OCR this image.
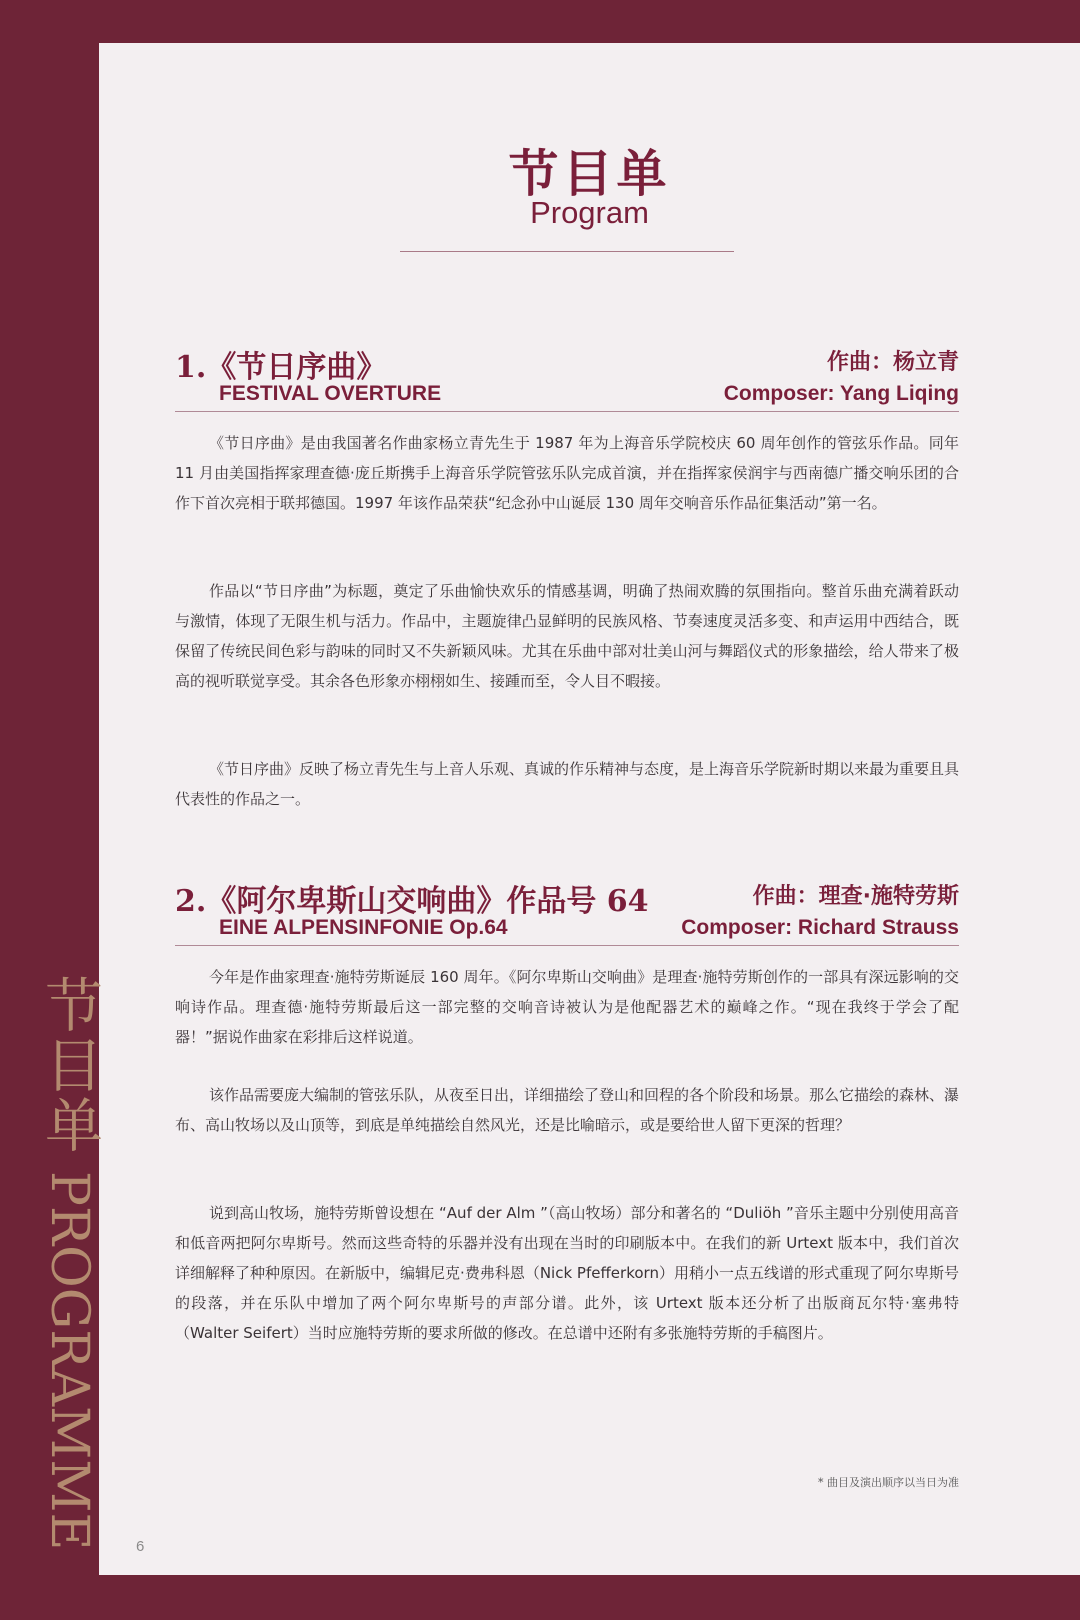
节目单PROGRAMME
节目单
Program
1.《节日序曲》	作曲：杨立青
FESTIVAL OVERTURE	Composer: Yang Liqing

《节日序曲》是由我国著名作曲家杨立青先生于 1987 年为上海音乐学院校庆 60 周年创作的管弦乐作品。同年 11 月由美国指挥家理查德·庞丘斯携手上海音乐学院管弦乐队完成首演，并在指挥家侯润宇与西南德广播交响乐团的合作下首次亮相于联邦德国。1997 年该作品荣获“纪念孙中山诞辰 130 周年交响音乐作品征集活动”第一名。

作品以“节日序曲”为标题，奠定了乐曲愉快欢乐的情感基调，明确了热闹欢腾的氛围指向。整首乐曲充满着跃动与激情，体现了无限生机与活力。作品中，主题旋律凸显鲜明的民族风格、节奏速度灵活多变、和声运用中西结合，既保留了传统民间色彩与韵味的同时又不失新颖风味。尤其在乐曲中部对壮美山河与舞蹈仪式的形象描绘，给人带来了极高的视听联觉享受。其余各色形象亦栩栩如生、接踵而至，令人目不暇接。

《节日序曲》反映了杨立青先生与上音人乐观、真诚的作乐精神与态度，是上海音乐学院新时期以来最为重要且具代表性的作品之一。

2.《阿尔卑斯山交响曲》作品号 64	作曲：理查·施特劳斯
EINE ALPENSINFONIE Op.64	Composer: Richard Strauss

今年是作曲家理查·施特劳斯诞辰 160 周年。《阿尔卑斯山交响曲》是理查·施特劳斯创作的一部具有深远影响的交响诗作品。理查德·施特劳斯最后这一部完整的交响音诗被认为是他配器艺术的巅峰之作。“现在我终于学会了配器！”据说作曲家在彩排后这样说道。

该作品需要庞大编制的管弦乐队，从夜至日出，详细描绘了登山和回程的各个阶段和场景。那么它描绘的森林、瀑布、高山牧场以及山顶等，到底是单纯描绘自然风光，还是比喻暗示，或是要给世人留下更深的哲理？

说到高山牧场，施特劳斯曾设想在 “Auf der Alm ”（高山牧场）部分和著名的 “Duliöh ”音乐主题中分别使用高音和低音两把阿尔卑斯号。然而这些奇特的乐器并没有出现在当时的印刷版本中。在我们的新 Urtext 版本中，我们首次详细解释了种种原因。在新版中，编辑尼克·费弗科恩（Nick Pfefferkorn）用稍小一点五线谱的形式重现了阿尔卑斯号的段落，并在乐队中增加了两个阿尔卑斯号的声部分谱。此外，该 Urtext 版本还分析了出版商瓦尔特·塞弗特（Walter Seifert）当时应施特劳斯的要求所做的修改。在总谱中还附有多张施特劳斯的手稿图片。

* 曲目及演出顺序以当日为准
6
